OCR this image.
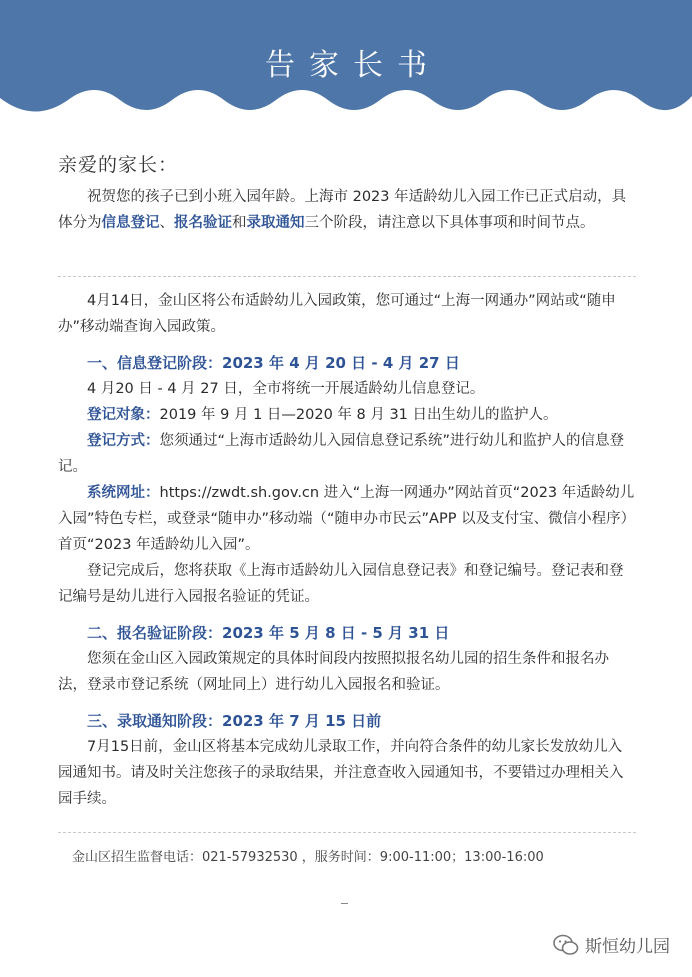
告家长书
亲爱的家长：

祝贺您的孩子已到小班入园年龄。上海市 2023 年适龄幼儿入园工作已正式启动，具体分为信息登记、报名验证和录取通知三个阶段，请注意以下具体事项和时间节点。

4月14日，金山区将公布适龄幼儿入园政策，您可通过“上海一网通办”网站或“随申办”移动端查询入园政策。

一、信息登记阶段：2023 年 4 月 20 日 - 4 月 27 日

4 月20 日 - 4 月 27 日，全市将统一开展适龄幼儿信息登记。

登记对象：2019 年 9 月 1 日—2020 年 8 月 31 日出生幼儿的监护人。

登记方式：您须通过“上海市适龄幼儿入园信息登记系统”进行幼儿和监护人的信息登记。

系统网址：https://zwdt.sh.gov.cn 进入“上海一网通办”网站首页“2023 年适龄幼儿入园”特色专栏，或登录“随申办”移动端（“随申办市民云”APP 以及支付宝、微信小程序）首页“2023 年适龄幼儿入园”。

登记完成后，您将获取《上海市适龄幼儿入园信息登记表》和登记编号。登记表和登记编号是幼儿进行入园报名验证的凭证。

二、报名验证阶段：2023 年 5 月 8 日 - 5 月 31 日

您须在金山区入园政策规定的具体时间段内按照拟报名幼儿园的招生条件和报名办法，登录市登记系统（网址同上）进行幼儿入园报名和验证。

三、录取通知阶段：2023 年 7 月 15 日前

7月15日前，金山区将基本完成幼儿录取工作，并向符合条件的幼儿家长发放幼儿入园通知书。请及时关注您孩子的录取结果，并注意查收入园通知书，不要错过办理相关入园手续。

金山区招生监督电话：021-57932530 ，服务时间：9:00-11:00；13:00-16:00
斯恒幼儿园
